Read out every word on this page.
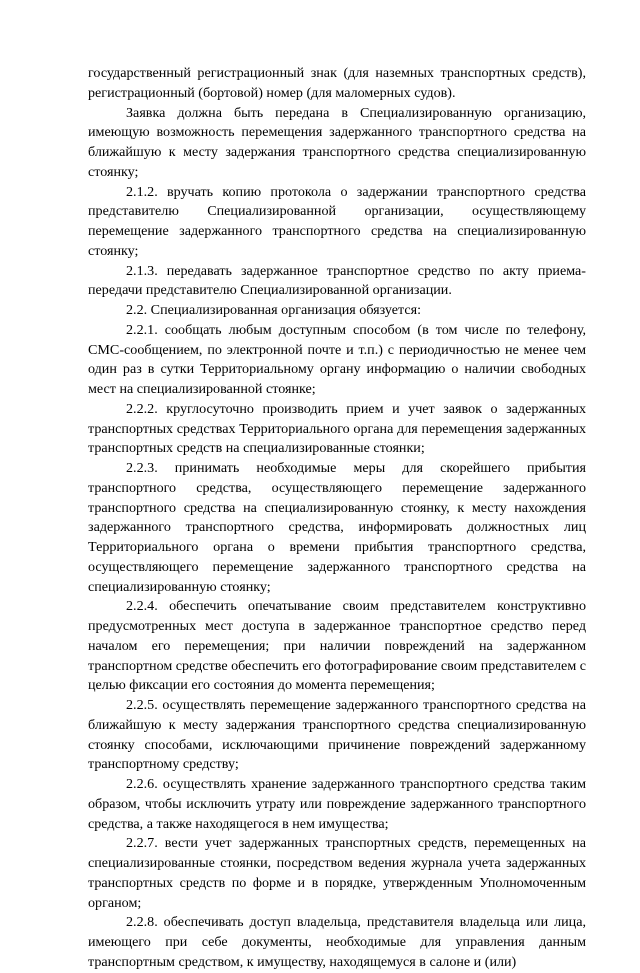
государственный регистрационный знак (для наземных транспортных средств), регистрационный (бортовой) номер (для маломерных судов).

Заявка должна быть передана в Специализированную организацию, имеющую возможность перемещения задержанного транспортного средства на ближайшую к месту задержания транспортного средства специализированную стоянку;

2.1.2. вручать копию протокола о задержании транспортного средства представителю Специализированной организации, осуществляющему перемещение задержанного транспортного средства на специализированную стоянку;

2.1.3. передавать задержанное транспортное средство по акту приема-передачи представителю Специализированной организации.

2.2. Специализированная организация обязуется:

2.2.1. сообщать любым доступным способом (в том числе по телефону, СМС-сообщением, по электронной почте и т.п.) с периодичностью не менее чем один раз в сутки Территориальному органу информацию о наличии свободных мест на специализированной стоянке;

2.2.2. круглосуточно производить прием и учет заявок о задержанных транспортных средствах Территориального органа для перемещения задержанных транспортных средств на специализированные стоянки;

2.2.3. принимать необходимые меры для скорейшего прибытия транспортного средства, осуществляющего перемещение задержанного транспортного средства на специализированную стоянку, к месту нахождения задержанного транспортного средства, информировать должностных лиц Территориального органа о времени прибытия транспортного средства, осуществляющего перемещение задержанного транспортного средства на специализированную стоянку;

2.2.4. обеспечить опечатывание своим представителем конструктивно предусмотренных мест доступа в задержанное транспортное средство перед началом его перемещения; при наличии повреждений на задержанном транспортном средстве обеспечить его фотографирование своим представителем с целью фиксации его состояния до момента перемещения;

2.2.5. осуществлять перемещение задержанного транспортного средства на ближайшую к месту задержания транспортного средства специализированную стоянку способами, исключающими причинение повреждений задержанному транспортному средству;

2.2.6. осуществлять хранение задержанного транспортного средства таким образом, чтобы исключить утрату или повреждение задержанного транспортного средства, а также находящегося в нем имущества;

2.2.7. вести учет задержанных транспортных средств, перемещенных на специализированные стоянки, посредством ведения журнала учета задержанных транспортных средств по форме и в порядке, утвержденным Уполномоченным органом;

2.2.8. обеспечивать доступ владельца, представителя владельца или лица, имеющего при себе документы, необходимые для управления данным транспортным средством, к имуществу, находящемуся в салоне и (или)
